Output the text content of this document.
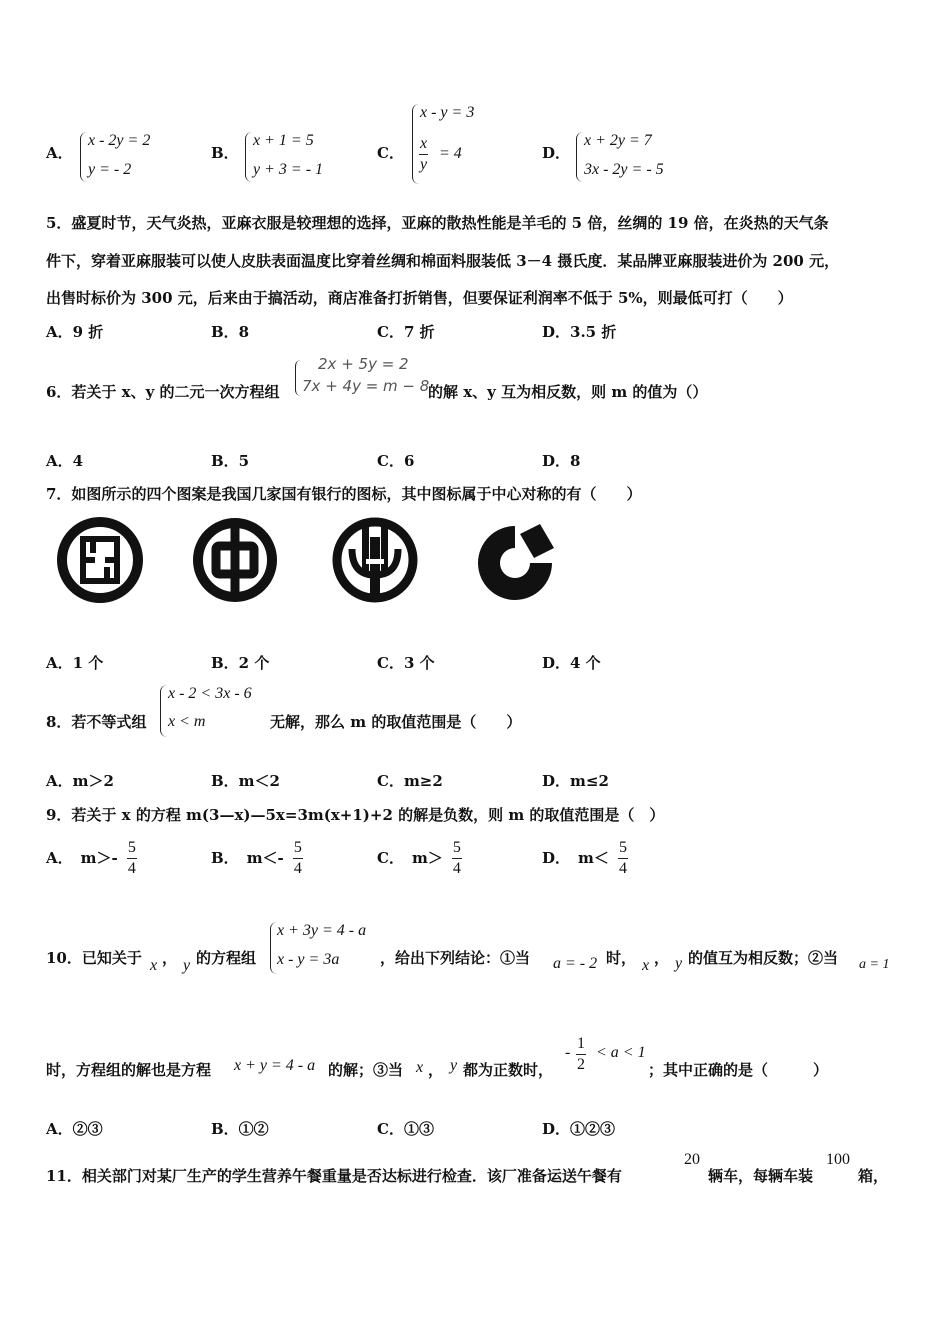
A．
x - 2y = 2
y = - 2
B．
x + 1 = 5
y + 3 = - 1
C．
x - y = 3
$\frac{x}{y} = 4$	D．
x + 2y = 7
3x - 2y = - 5
5．盛夏时节，天气炎热，亚麻衣服是较理想的选择，亚麻的散热性能是羊毛的 5 倍，丝绸的 19 倍，在炎热的天气条
件下，穿着亚麻服装可以使人皮肤表面温度比穿着丝绸和棉面料服装低 3－4 摄氏度．某品牌亚麻服装进价为 200 元，
出售时标价为 300 元，后来由于搞活动，商店准备打折销售，但要保证利润率不低于 5%，则最低可打（　　）
A．9 折	B．8	C．7 折	D．3.5 折
6．若关于 x、y 的二元一次方程组
2x + 5y = 2
7x + 4y = m − 8
的解 x、y 互为相反数，则 m 的值为（）
A．4	B．5	C．6	D．8
7．如图所示的四个图案是我国几家国有银行的图标，其中图标属于中心对称的有（　　）
A．1 个	B．2 个	C．3 个	D．4 个
8．若不等式组
x - 2 < 3x - 6
x < m	无解，那么 m 的取值范围是（　　）
A．m＞2	B．m＜2	C．m≥2	D．m≤2
9．若关于 x 的方程 m(3—x)—5x=3m(x+1)+2 的解是负数，则 m 的取值范围是（　）
A． $m>- \frac{5}{4}$	B． $m<- \frac{5}{4}$	C． $m> \frac{5}{4}$	D． $m< \frac{5}{4}$
10．已知关于 x ， y 的方程组
x + 3y = 4 - a
x - y = 3a	，给出下列结论：①当 a = - 2 时， x ， y 的值互为相反数；②当 a = 1
时，方程组的解也是方程 x + y = 4 - a 的解；③当 x ， y 都为正数时，
- $\frac{1}{2} < a < 1$
；其中正确的是（　　　）
A．②③	B．①②	C．①③	D．①②③
11．相关部门对某厂生产的学生营养午餐重量是否达标进行检查．该厂准备运送午餐有
20
辆车，每辆车装
100
箱，
